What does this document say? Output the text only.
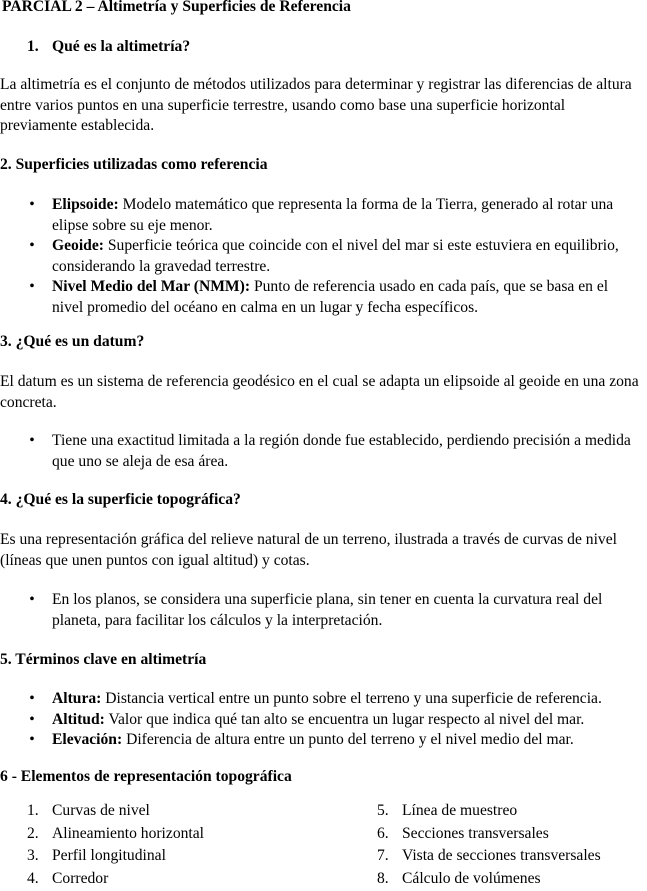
PARCIAL 2 – Altimetría y Superficies de Referencia
1. Qué es la altimetría?

La altimetría es el conjunto de métodos utilizados para determinar y registrar las diferencias de altura entre varios puntos en una superficie terrestre, usando como base una superficie horizontal previamente establecida.

2. Superficies utilizadas como referencia
• Elipsoide: Modelo matemático que representa la forma de la Tierra, generado al rotar una elipse sobre su eje menor.
• Geoide: Superficie teórica que coincide con el nivel del mar si este estuviera en equilibrio, considerando la gravedad terrestre.
• Nivel Medio del Mar (NMM): Punto de referencia usado en cada país, que se basa en el nivel promedio del océano en calma en un lugar y fecha específicos.
3. ¿Qué es un datum?

El datum es un sistema de referencia geodésico en el cual se adapta un elipsoide al geoide en una zona concreta.

• Tiene una exactitud limitada a la región donde fue establecido, perdiendo precisión a medida que uno se aleja de esa área.
4. ¿Qué es la superficie topográfica?

Es una representación gráfica del relieve natural de un terreno, ilustrada a través de curvas de nivel (líneas que unen puntos con igual altitud) y cotas.

• En los planos, se considera una superficie plana, sin tener en cuenta la curvatura real del planeta, para facilitar los cálculos y la interpretación.
5. Términos clave en altimetría
• Altura: Distancia vertical entre un punto sobre el terreno y una superficie de referencia.
• Altitud: Valor que indica qué tan alto se encuentra un lugar respecto al nivel del mar.
• Elevación: Diferencia de altura entre un punto del terreno y el nivel medio del mar.
6 - Elementos de representación topográfica
1. Curvas de nivel
2. Alineamiento horizontal
3. Perfil longitudinal
4. Corredor
5. Línea de muestreo
6. Secciones transversales
7. Vista de secciones transversales
8. Cálculo de volúmenes
